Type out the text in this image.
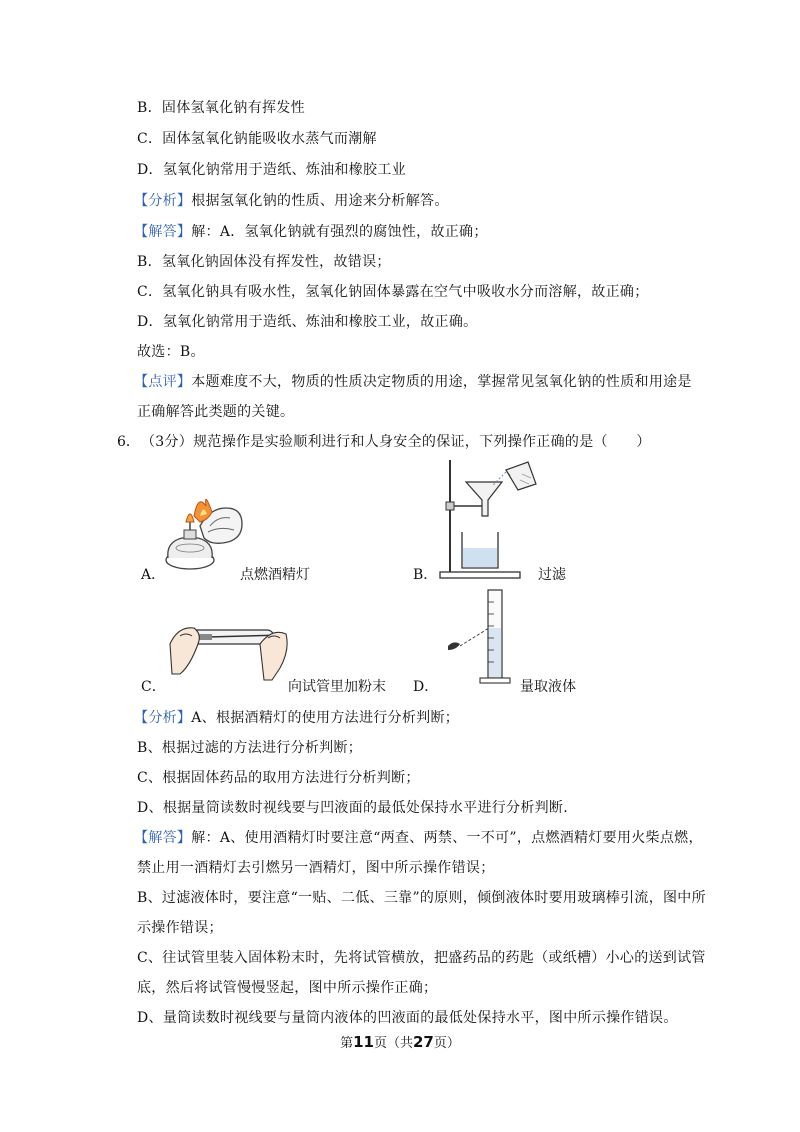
B．固体氢氧化钠有挥发性
C．固体氢氧化钠能吸收水蒸气而潮解
D．氢氧化钠常用于造纸、炼油和橡胶工业
【分析】根据氢氧化钠的性质、用途来分析解答。
【解答】解：A．氢氧化钠就有强烈的腐蚀性，故正确；
B．氢氧化钠固体没有挥发性，故错误；
C．氢氧化钠具有吸水性，氢氧化钠固体暴露在空气中吸收水分而溶解，故正确；
D．氢氧化钠常用于造纸、炼油和橡胶工业，故正确。
故选：B。
【点评】本题难度不大，物质的性质决定物质的用途，掌握常见氢氧化钠的性质和用途是
正确解答此类题的关键。
6． （3分）规范操作是实验顺利进行和人身安全的保证，下列操作正确的是（　　）
A．	点燃酒精灯	B．	过滤
C．	向试管里加粉末 D．	量取液体
【分析】A、根据酒精灯的使用方法进行分析判断；
B、根据过滤的方法进行分析判断；
C、根据固体药品的取用方法进行分析判断；
D、根据量筒读数时视线要与凹液面的最低处保持水平进行分析判断.
【解答】解：A、使用酒精灯时要注意“两查、两禁、一不可”，点燃酒精灯要用火柴点燃，
禁止用一酒精灯去引燃另一酒精灯，图中所示操作错误；
B、过滤液体时，要注意“一贴、二低、三靠”的原则，倾倒液体时要用玻璃棒引流，图中所
示操作错误；
C、往试管里装入固体粉末时，先将试管横放，把盛药品的药匙（或纸槽）小心的送到试管
底，然后将试管慢慢竖起，图中所示操作正确；
D、量筒读数时视线要与量筒内液体的凹液面的最低处保持水平，图中所示操作错误。
第11页（共27页）
